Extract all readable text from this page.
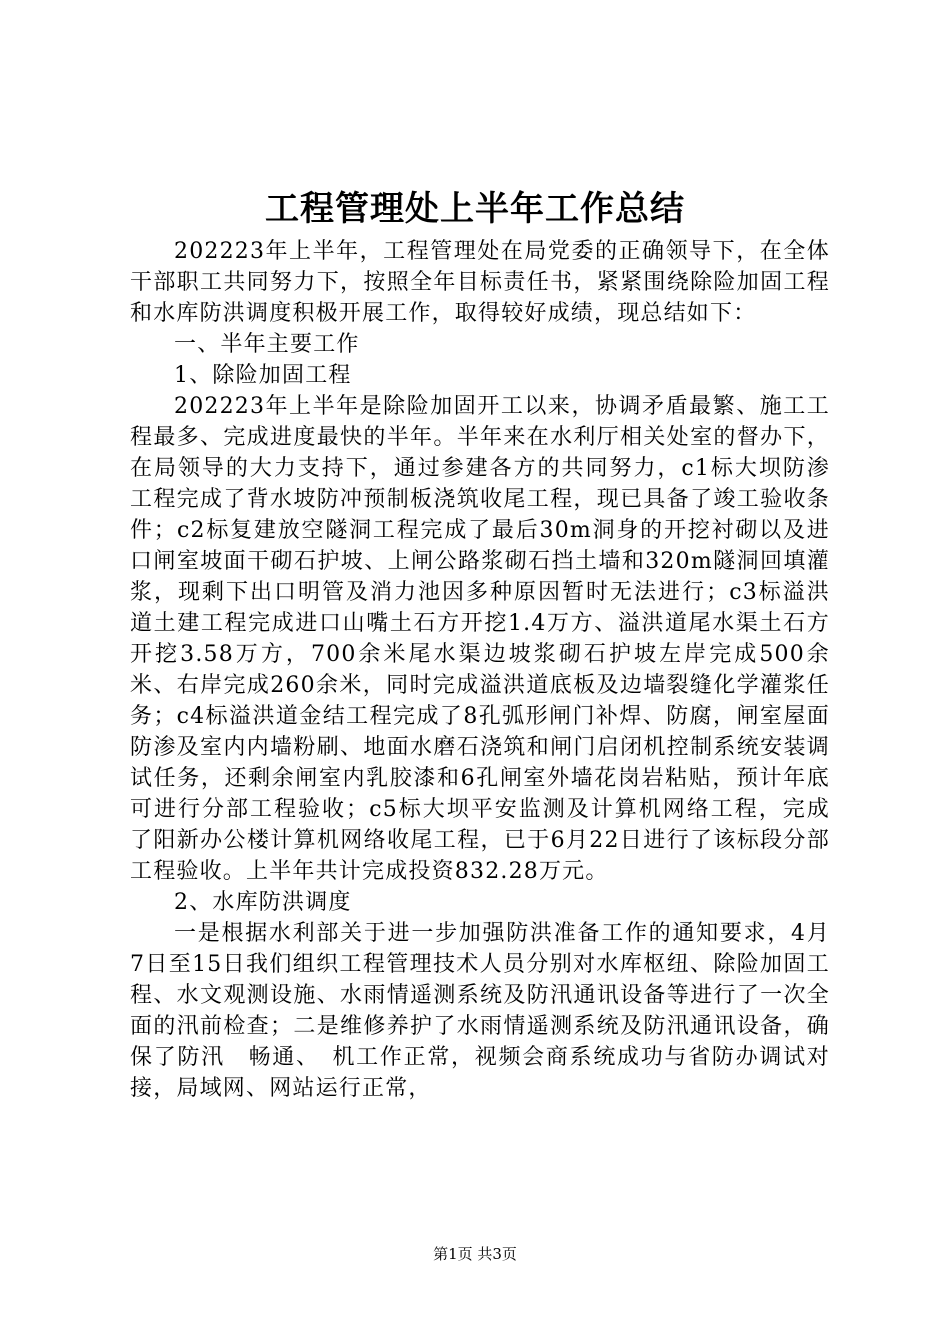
工程管理处上半年工作总结

202223年上半年，工程管理处在局党委的正确领导下，在全体干部职工共同努力下，按照全年目标责任书，紧紧围绕除险加固工程和水库防洪调度积极开展工作，取得较好成绩，现总结如下：

一、半年主要工作

1、除险加固工程

202223年上半年是除险加固开工以来，协调矛盾最繁、施工工程最多、完成进度最快的半年。半年来在水利厅相关处室的督办下，在局领导的大力支持下，通过参建各方的共同努力，c1标大坝防渗工程完成了背水坡防冲预制板浇筑收尾工程，现已具备了竣工验收条件；c2标复建放空隧洞工程完成了最后30m洞身的开挖衬砌以及进口闸室坡面干砌石护坡、上闸公路浆砌石挡土墙和320m隧洞回填灌浆，现剩下出口明管及消力池因多种原因暂时无法进行；c3标溢洪道土建工程完成进口山嘴土石方开挖1.4万方、溢洪道尾水渠土石方开挖3.58万方，700余米尾水渠边坡浆砌石护坡左岸完成500余米、右岸完成260余米，同时完成溢洪道底板及边墙裂缝化学灌浆任务；c4标溢洪道金结工程完成了8孔弧形闸门补焊、防腐，闸室屋面防渗及室内内墙粉刷、地面水磨石浇筑和闸门启闭机控制系统安装调试任务，还剩余闸室内乳胶漆和6孔闸室外墙花岗岩粘贴，预计年底可进行分部工程验收；c5标大坝平安监测及计算机网络工程，完成了阳新办公楼计算机网络收尾工程，已于6月22日进行了该标段分部工程验收。上半年共计完成投资832.28万元。

2、水库防洪调度

一是根据水利部关于进一步加强防洪准备工作的通知要求，4月7日至15日我们组织工程管理技术人员分别对水库枢纽、除险加固工程、水文观测设施、水雨情遥测系统及防汛通讯设备等进行了一次全面的汛前检查；二是维修养护了水雨情遥测系统及防汛通讯设备，确保了防汛　畅通、　机工作正常，视频会商系统成功与省防办调试对接，局域网、网站运行正常，

第1页 共3页
